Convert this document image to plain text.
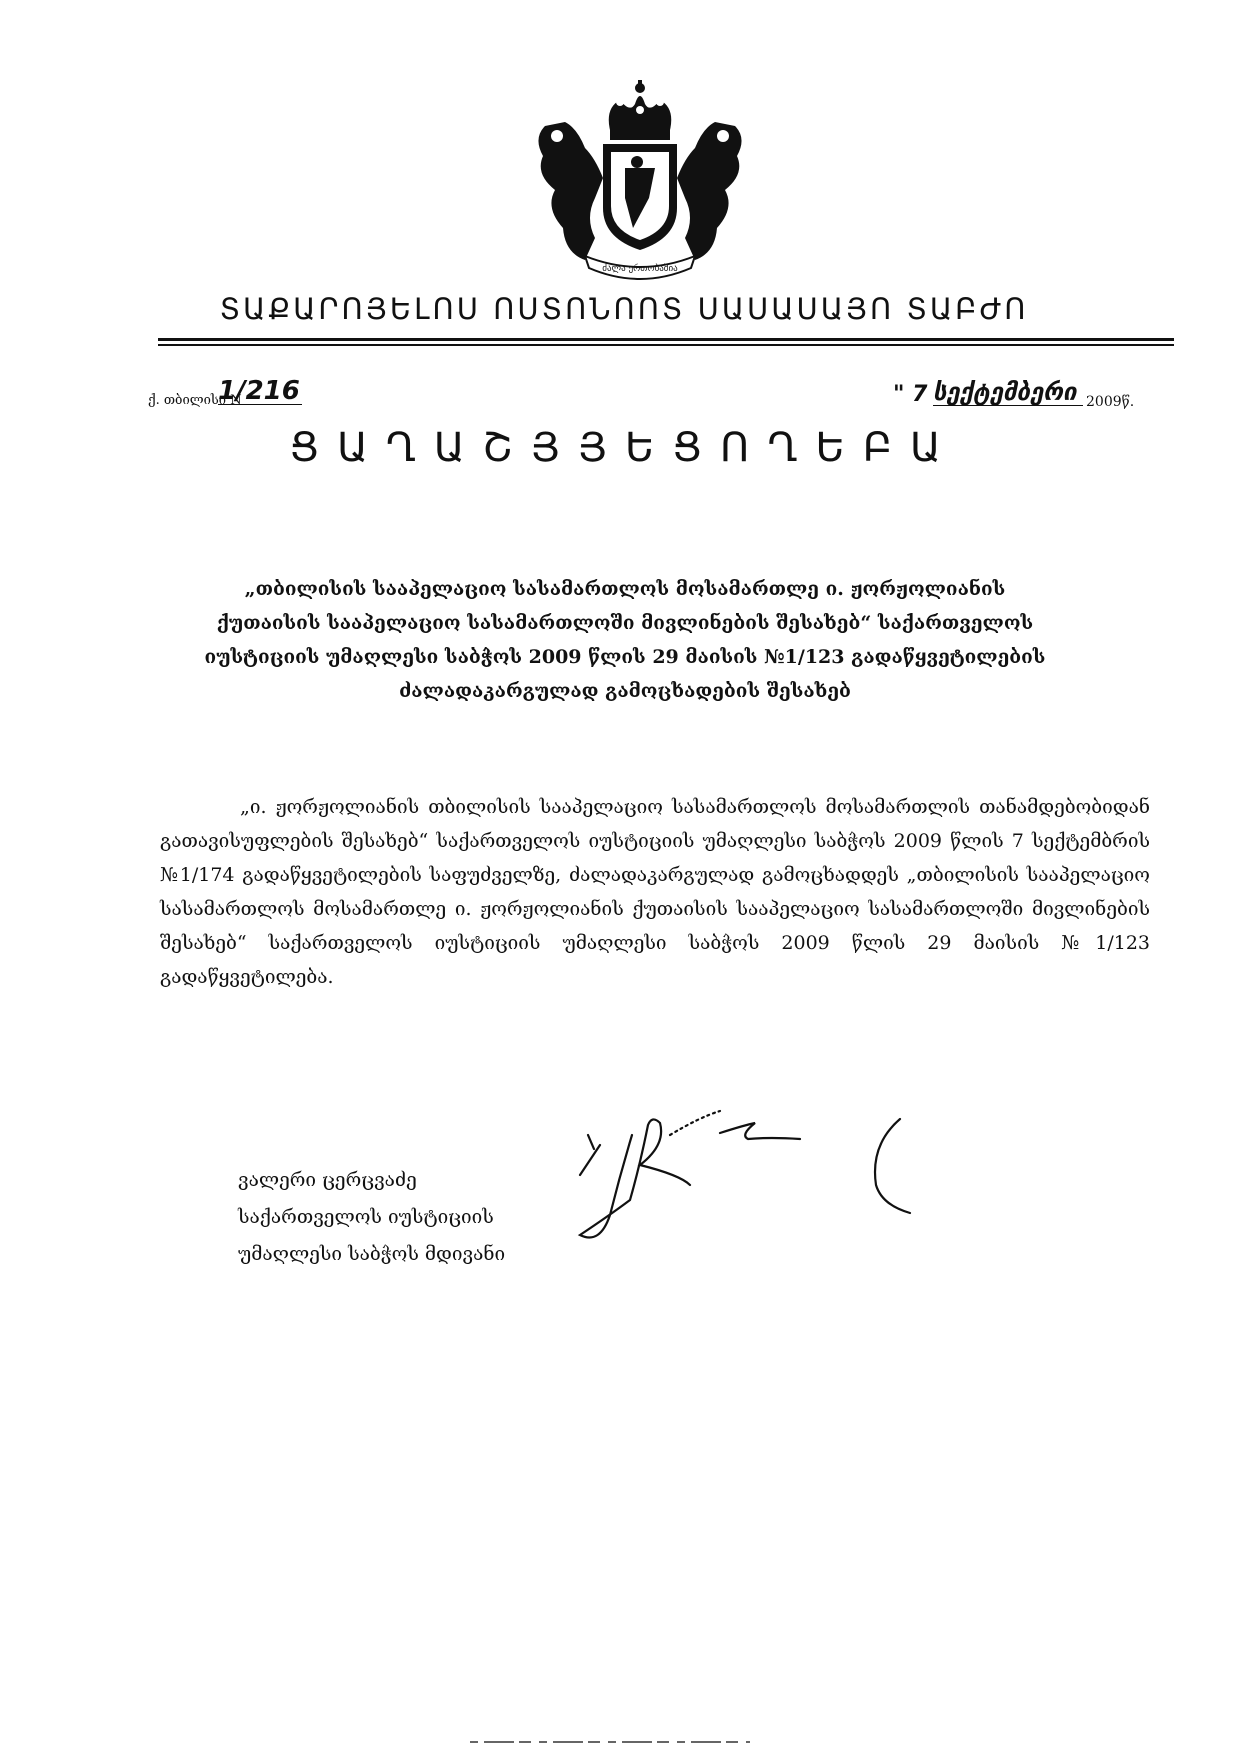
ძალა ერთობაშია
ՏԱՔԱՐՈՅԵԼՈՍ ՈՍՏՈՆՈՈՏ ՍԱՍԱՍԱՅՈ ՏԱԲԺՈ
ქ. თბილისი N
1/216	" 7 "
სექტემბერი 2009წ.
ՑԱՂԱՇՅՅԵՑՈՂԵԲԱ
„თბილისის სააპელაციო სასამართლოს მოსამართლე ი. ჟორჟოლიანის ქუთაისის სააპელაციო სასამართლოში მივლინების შესახებ“ საქართველოს იუსტიციის უმაღლესი საბჭოს 2009 წლის 29 მაისის №1/123 გადაწყვეტილების ძალადაკარგულად გამოცხადების შესახებ
„ი. ჟორჟოლიანის თბილისის სააპელაციო სასამართლოს მოსამართლის თანამდებობიდან გათავისუფლების შესახებ“ საქართველოს იუსტიციის უმაღლესი საბჭოს 2009 წლის 7 სექტემბრის №1/174 გადაწყვეტილების საფუძველზე, ძალადაკარგულად გამოცხადდეს „თბილისის სააპელაციო სასამართლოს მოსამართლე ი. ჟორჟოლიანის ქუთაისის სააპელაციო სასამართლოში მივლინების შესახებ“ საქართველოს იუსტიციის უმაღლესი საბჭოს 2009 წლის 29 მაისის №1/123 გადაწყვეტილება.
ვალერი ცერცვაძე
საქართველოს იუსტიციის
უმაღლესი საბჭოს მდივანი
